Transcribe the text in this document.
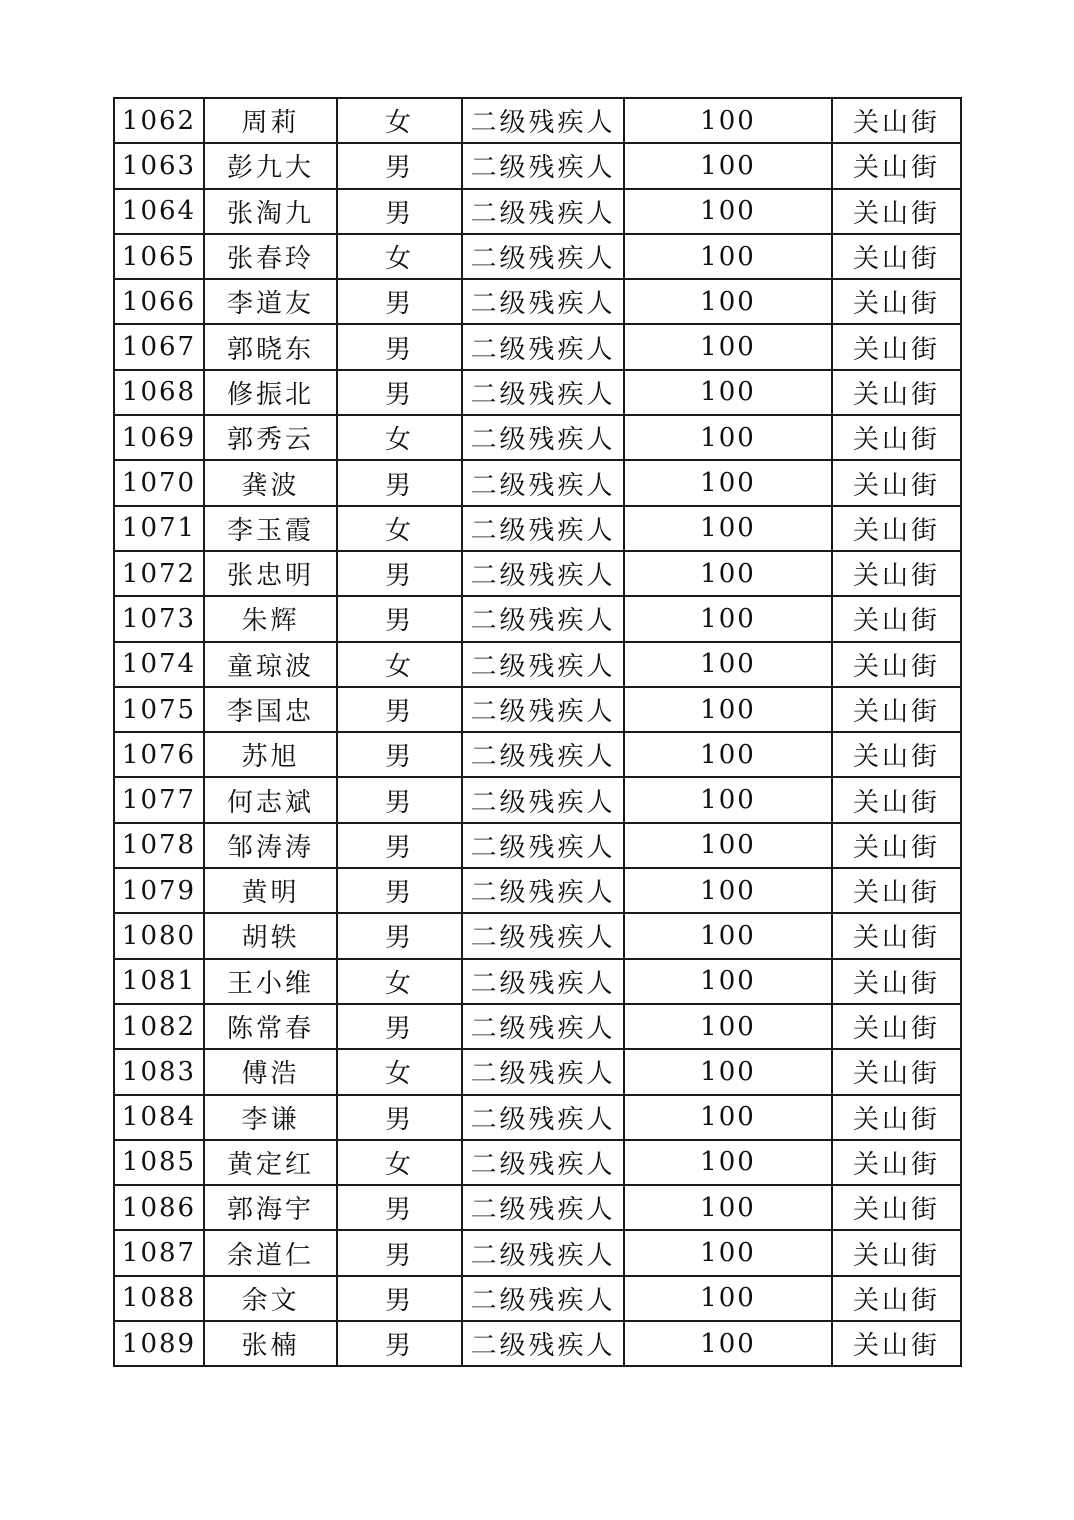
1062	周莉	女	二级残疾人	100	关山街
1063	彭九大	男	二级残疾人	100	关山街
1064	张淘九	男	二级残疾人	100	关山街
1065	张春玲	女	二级残疾人	100	关山街
1066	李道友	男	二级残疾人	100	关山街
1067	郭晓东	男	二级残疾人	100	关山街
1068	修振北	男	二级残疾人	100	关山街
1069	郭秀云	女	二级残疾人	100	关山街
1070	龚波	男	二级残疾人	100	关山街
1071	李玉霞	女	二级残疾人	100	关山街
1072	张忠明	男	二级残疾人	100	关山街
1073	朱辉	男	二级残疾人	100	关山街
1074	童琼波	女	二级残疾人	100	关山街
1075	李国忠	男	二级残疾人	100	关山街
1076	苏旭	男	二级残疾人	100	关山街
1077	何志斌	男	二级残疾人	100	关山街
1078	邹涛涛	男	二级残疾人	100	关山街
1079	黄明	男	二级残疾人	100	关山街
1080	胡轶	男	二级残疾人	100	关山街
1081	王小维	女	二级残疾人	100	关山街
1082	陈常春	男	二级残疾人	100	关山街
1083	傅浩	女	二级残疾人	100	关山街
1084	李谦	男	二级残疾人	100	关山街
1085	黄定红	女	二级残疾人	100	关山街
1086	郭海宇	男	二级残疾人	100	关山街
1087	余道仁	男	二级残疾人	100	关山街
1088	余文	男	二级残疾人	100	关山街
1089	张楠	男	二级残疾人	100	关山街
